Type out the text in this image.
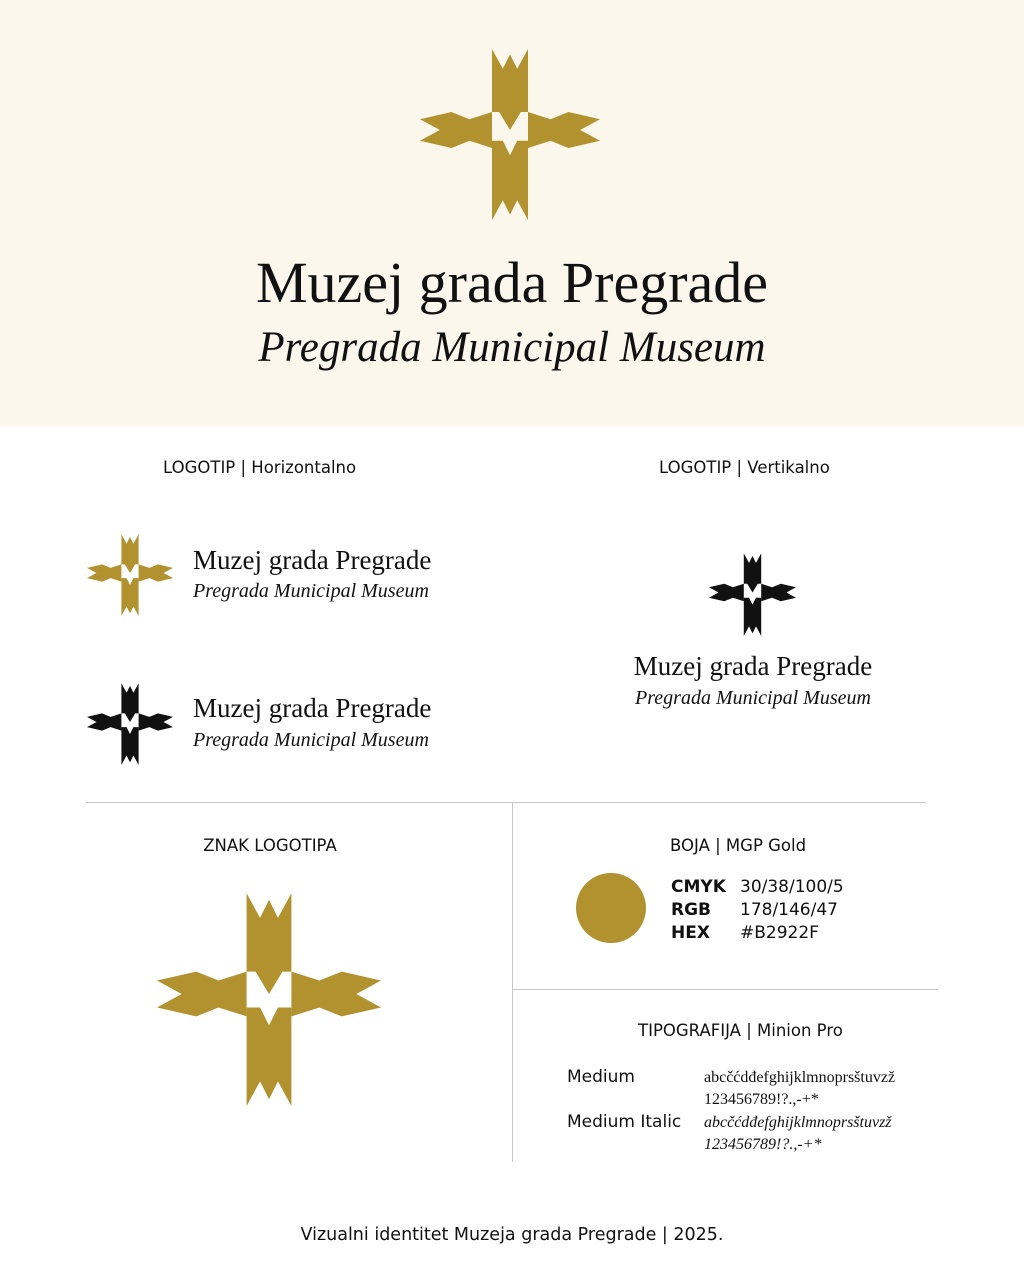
Muzej grada Pregrade
Pregrada Municipal Museum
LOGOTIP | Horizontalno
Muzej grada Pregrade
Pregrada Municipal Museum
Muzej grada Pregrade
Pregrada Municipal Museum
LOGOTIP | Vertikalno
Muzej grada Pregrade
Pregrada Municipal Museum
ZNAK LOGOTIPA	BOJA | MGP Gold
CMYK 30/38/100/5
RGB	178/146/47
HEX	#B2922F
TIPOGRAFIJA | Minion Pro
Medium	abcčćdđefghijklmnoprsštuvzž
123456789!?.,-+*
Medium Italic abcčćdđefghijklmnoprsštuvzž
123456789!?.,-+*
Vizualni identitet Muzeja grada Pregrade | 2025.
